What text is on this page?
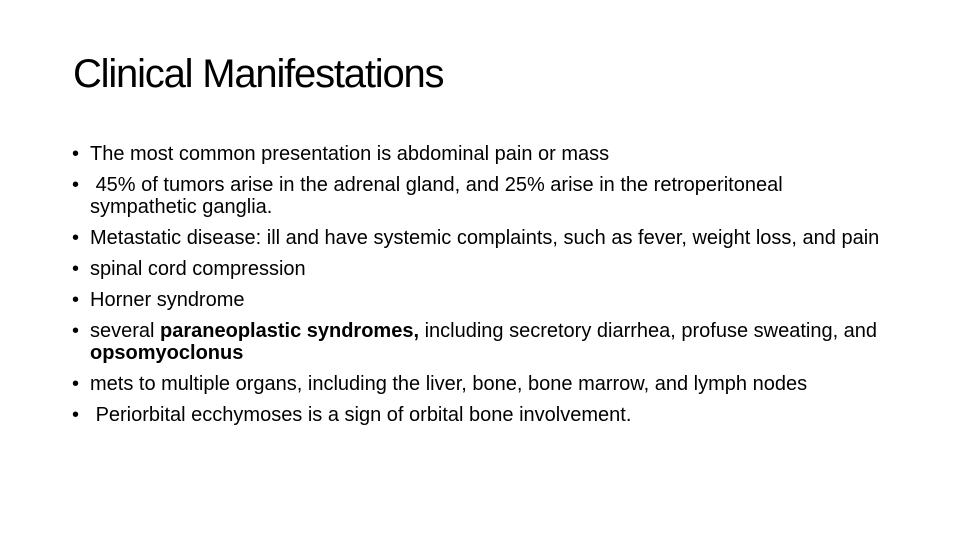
Clinical Manifestations
• The most common presentation is abdominal pain or mass
• 45% of tumors arise in the adrenal gland, and 25% arise in the retroperitoneal sympathetic ganglia.
• Metastatic disease: ill and have systemic complaints, such as fever, weight loss, and pain
• spinal cord compression
• Horner syndrome
• several paraneoplastic syndromes, including secretory diarrhea, profuse sweating, and opsomyoclonus
• mets to multiple organs, including the liver, bone, bone marrow, and lymph nodes
• Periorbital ecchymoses is a sign of orbital bone involvement.
